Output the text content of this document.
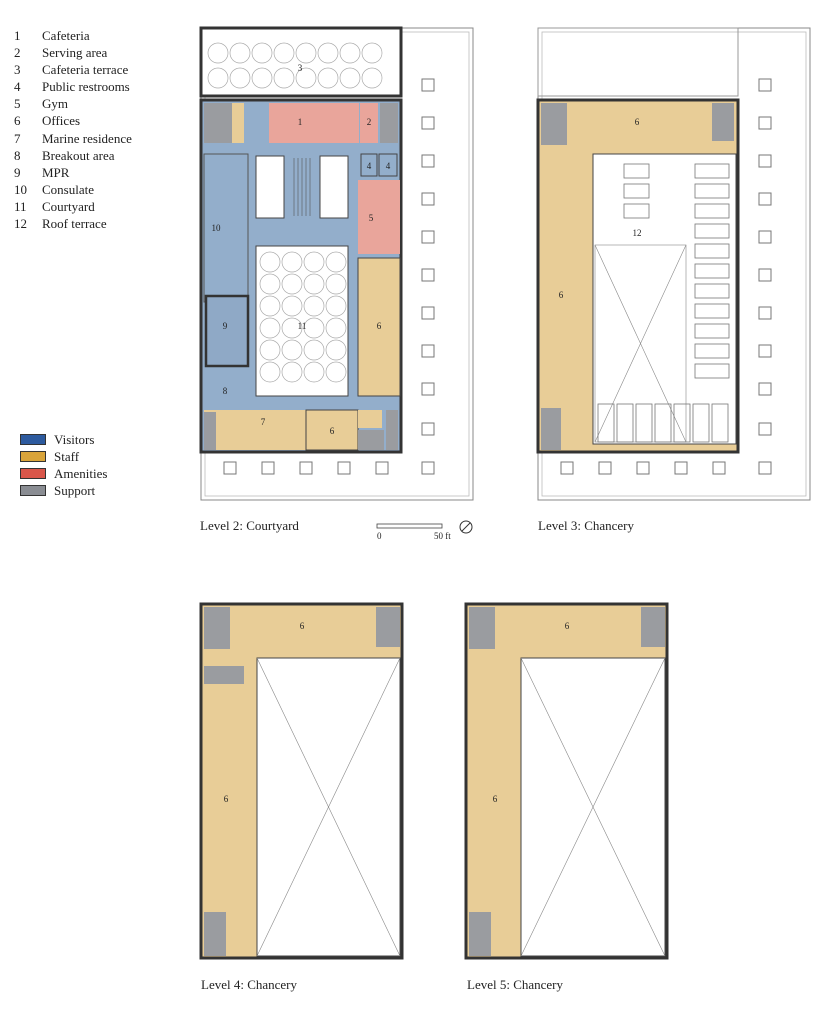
1 Cafeteria
2 Serving area
3 Cafeteria terrace
4 Public restrooms
5 Gym
6 Offices
7 Marine residence
8 Breakout area
9 MPR
10 Consulate
11 Courtyard
12 Roof terrace
Visitors
Staff
Amenities
Support
1	2
3
4 4
5
6
6
7
8
9
10
11
6
6
12
6
6
6
6
0	50 ft
Level 2: Courtyard	Level 3: Chancery
Level 4: Chancery	Level 5: Chancery
